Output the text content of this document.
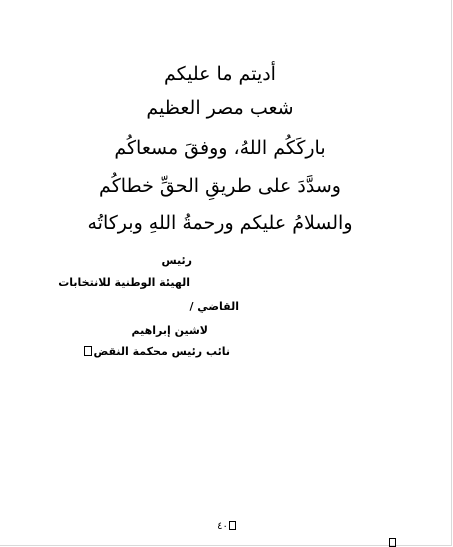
أديتم ما عليكم
شعب مصر العظيم
باركَكُم اللهُ، ووفقَ مسعاكُم
وسدَّدَ على طريقِ الحقِّ خطاكُم
والسلامُ عليكم ورحمةُ اللهِ وبركاتُه
رئيس
الهيئة الوطنية للانتخابات
القاضي /
لاشين إبراهيم
نائب رئيس محكمة النقض
٤٠
